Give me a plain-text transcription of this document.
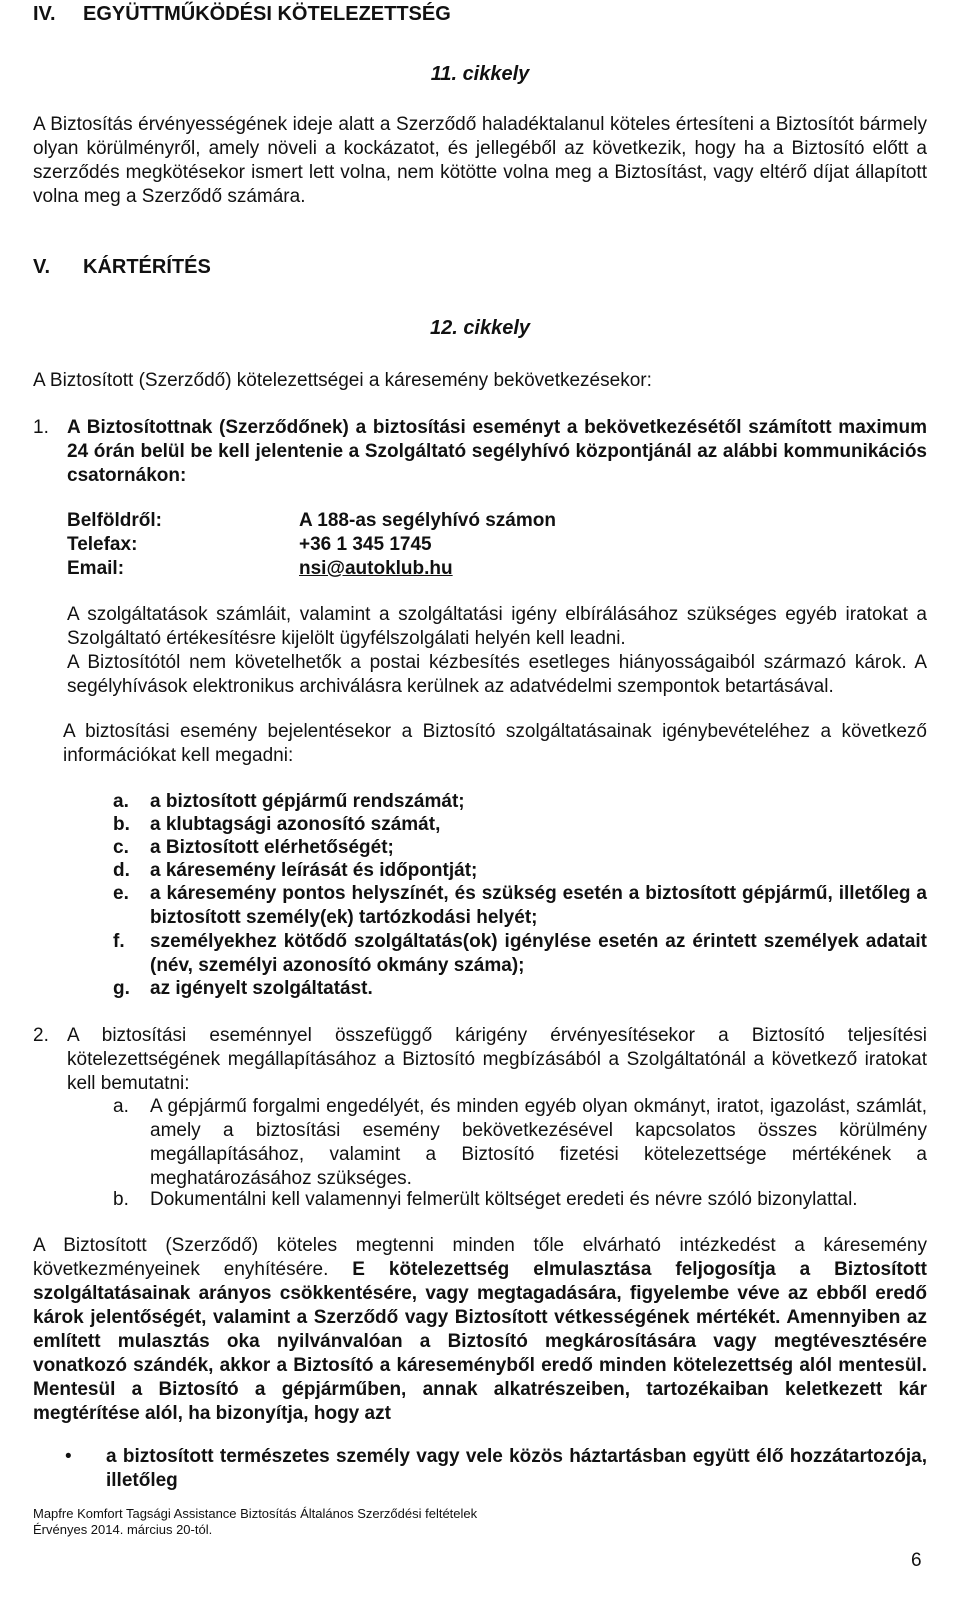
IV. EGYÜTTMŰKÖDÉSI KÖTELEZETTSÉG
11. cikkely
A Biztosítás érvényességének ideje alatt a Szerződő haladéktalanul köteles értesíteni a Biztosítót bármely olyan körülményről, amely növeli a kockázatot, és jellegéből az következik, hogy ha a Biztosító előtt a szerződés megkötésekor ismert lett volna, nem kötötte volna meg a Biztosítást, vagy eltérő díjat állapított volna meg a Szerződő számára.
V. KÁRTÉRÍTÉS
12. cikkely
A Biztosított (Szerződő) kötelezettségei a káresemény bekövetkezésekor:
1. A Biztosítottnak (Szerződőnek) a biztosítási eseményt a bekövetkezésétől számított maximum 24 órán belül be kell jelentenie a Szolgáltató segélyhívó központjánál az alábbi kommunikációs csatornákon:
Belföldről:	A 188-as segélyhívó számon
Telefax:	+36 1 345 1745
Email:	nsi@autoklub.hu
A szolgáltatások számláit, valamint a szolgáltatási igény elbírálásához szükséges egyéb iratokat a Szolgáltató értékesítésre kijelölt ügyfélszolgálati helyén kell leadni.
A Biztosítótól nem követelhetők a postai kézbesítés esetleges hiányosságaiból származó károk. A segélyhívások elektronikus archiválásra kerülnek az adatvédelmi szempontok betartásával.
A biztosítási esemény bejelentésekor a Biztosító szolgáltatásainak igénybevételéhez a következő információkat kell megadni:
a. a biztosított gépjármű rendszámát;
b. a klubtagsági azonosító számát,
c. a Biztosított elérhetőségét;
d. a káresemény leírását és időpontját;
e. a káresemény pontos helyszínét, és szükség esetén a biztosított gépjármű, illetőleg a biztosított személy(ek) tartózkodási helyét;
f. személyekhez kötődő szolgáltatás(ok) igénylése esetén az érintett személyek adatait (név, személyi azonosító okmány száma);
g. az igényelt szolgáltatást.
2. A biztosítási eseménnyel összefüggő kárigény érvényesítésekor a Biztosító teljesítési kötelezettségének megállapításához a Biztosító megbízásából a Szolgáltatónál a következő iratokat kell bemutatni:
a. A gépjármű forgalmi engedélyét, és minden egyéb olyan okmányt, iratot, igazolást, számlát, amely a biztosítási esemény bekövetkezésével kapcsolatos összes körülmény megállapításához, valamint a Biztosító fizetési kötelezettsége mértékének a meghatározásához szükséges.
b. Dokumentálni kell valamennyi felmerült költséget eredeti és névre szóló bizonylattal.
A Biztosított (Szerződő) köteles megtenni minden tőle elvárható intézkedést a káresemény következményeinek enyhítésére. E kötelezettség elmulasztása feljogosítja a Biztosított szolgáltatásainak arányos csökkentésére, vagy megtagadására, figyelembe véve az ebből eredő károk jelentőségét, valamint a Szerződő vagy Biztosított vétkességének mértékét. Amennyiben az említett mulasztás oka nyilvánvalóan a Biztosító megkárosítására vagy megtévesztésére vonatkozó szándék, akkor a Biztosító a káreseményből eredő minden kötelezettség alól mentesül. Mentesül a Biztosító a gépjárműben, annak alkatrészeiben, tartozékaiban keletkezett kár megtérítése alól, ha bizonyítja, hogy azt
• a biztosított természetes személy vagy vele közös háztartásban együtt élő hozzátartozója, illetőleg
Mapfre Komfort Tagsági Assistance Biztosítás Általános Szerződési feltételek
Érvényes 2014. március 20-tól.
6
